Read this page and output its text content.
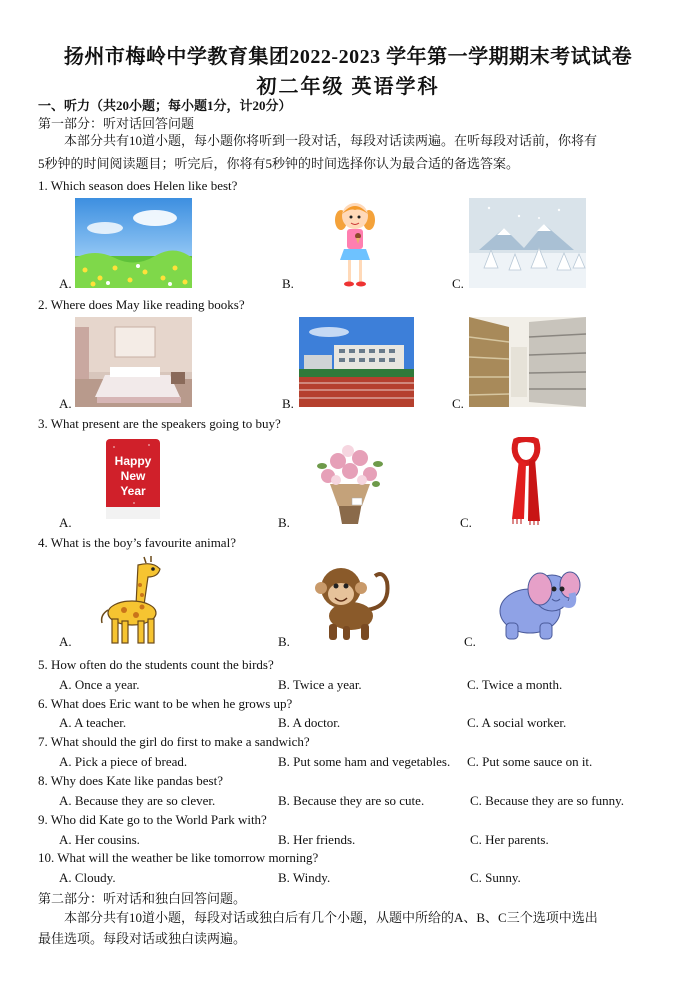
扬州市梅岭中学教育集团2022-2023 学年第一学期期末考试试卷
初二年级 英语学科
一、听力（共20小题；每小题1分，计20分）
第一部分：听对话回答问题
本部分共有10道小题，每小题你将听到一段对话，每段对话读两遍。在听每段对话前，你将有
5秒钟的时间阅读题目；听完后，你将有5秒钟的时间选择你认为最合适的备选答案。
1. Which season does Helen like best?
A.	B.	C.
2. Where does May like reading books?
A.	B.	C.
3. What present are the speakers going to buy?
A.	B.	C.
Happy
New
Year
4. What is the boy’s favourite animal?
A.	B.	C.
5. How often do the students count the birds?
A. Once a year.	B. Twice a year.	C. Twice a month.
6. What does Eric want to be when he grows up?
A. A teacher.	B. A doctor.	C. A social worker.
7. What should the girl do first to make a sandwich?
A. Pick a piece of bread.	B. Put some ham and vegetables. C. Put some sauce on it.
8. Why does Kate like pandas best?
A. Because they are so clever.	B. Because they are so cute.	C. Because they are so funny.
9. Who did Kate go to the World Park with?
A. Her cousins.	B. Her friends.	C. Her parents.
10. What will the weather be like tomorrow morning?
A. Cloudy.	B. Windy.	C. Sunny.
第二部分：听对话和独白回答问题。
本部分共有10道小题，每段对话或独白后有几个小题，从题中所给的A、B、C三个选项中选出
最佳选项。每段对话或独白读两遍。
